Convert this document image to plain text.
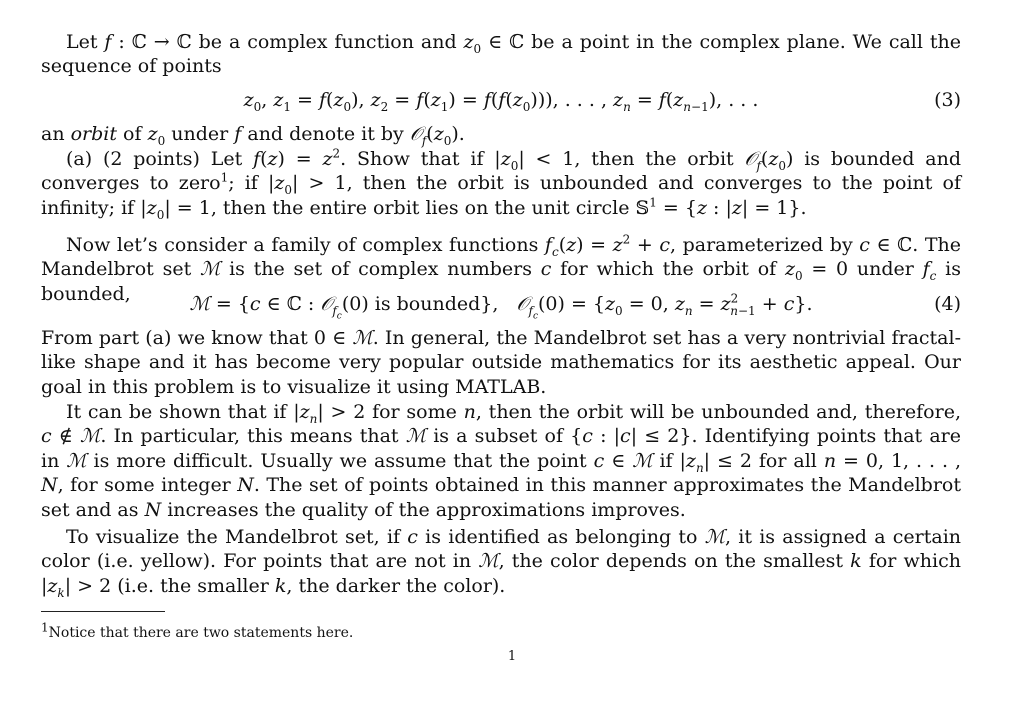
Let f : ℂ → ℂ be a complex function and $z_0$ ∈ ℂ be a point in the complex plane. We call the sequence of points
$z_0$, $z_1 = f(z_0)$, $z_2 = f(z_1) = f(f(z_0))$), . . . , $z_n = f(z_{n-1})$, . . .	(3)
an orbit of $z_0$ under f and denote it by $𝒪_f(z_0)$.
(a) (2 points) Let $f(z) = z^2$. Show that if $|z_0| < 1$, then the orbit $𝒪_f(z_0)$ is bounded and converges to zero$^1$; if $|z_0| > 1$, then the orbit is unbounded and converges to the point of infinity; if $|z_0| = 1$, then the entire orbit lies on the unit circle 𝕊$^1$ = {z : |z| = 1}.
Now let’s consider a family of complex functions $f_c(z) = z^2 + c$, parameterized by c ∈ ℂ. The Mandelbrot set ℳ is the set of complex numbers c for which the orbit of $z_0 = 0$ under $f_c$ is bounded,	ℳ = {c ∈ ℂ : 𝒪$_{f_c}$(0) is bounded},   𝒪$_{f_c}$(0) = {$z_0 = 0$, $z_n = z^2_{n-1} + c$}.	(4)
From part (a) we know that 0 ∈ ℳ. In general, the Mandelbrot set has a very nontrivial fractal-like shape and it has become very popular outside mathematics for its aesthetic appeal. Our goal in this problem is to visualize it using MATLAB.
It can be shown that if $|z_n| > 2$ for some n, then the orbit will be unbounded and, therefore, c ∉ ℳ. In particular, this means that ℳ is a subset of {c : |c| ≤ 2}. Identifying points that are in ℳ is more difficult. Usually we assume that the point c ∈ ℳ if $|z_n| \le 2$ for all n = 0, 1, . . . , N, for some integer N. The set of points obtained in this manner approximates the Mandelbrot set and as N increases the quality of the approximations improves.
To visualize the Mandelbrot set, if c is identified as belonging to ℳ, it is assigned a certain color (i.e. yellow). For points that are not in ℳ, the color depends on the smallest k for which $|z_k| > 2$ (i.e. the smaller k, the darker the color).
$^1$Notice that there are two statements here.
1
